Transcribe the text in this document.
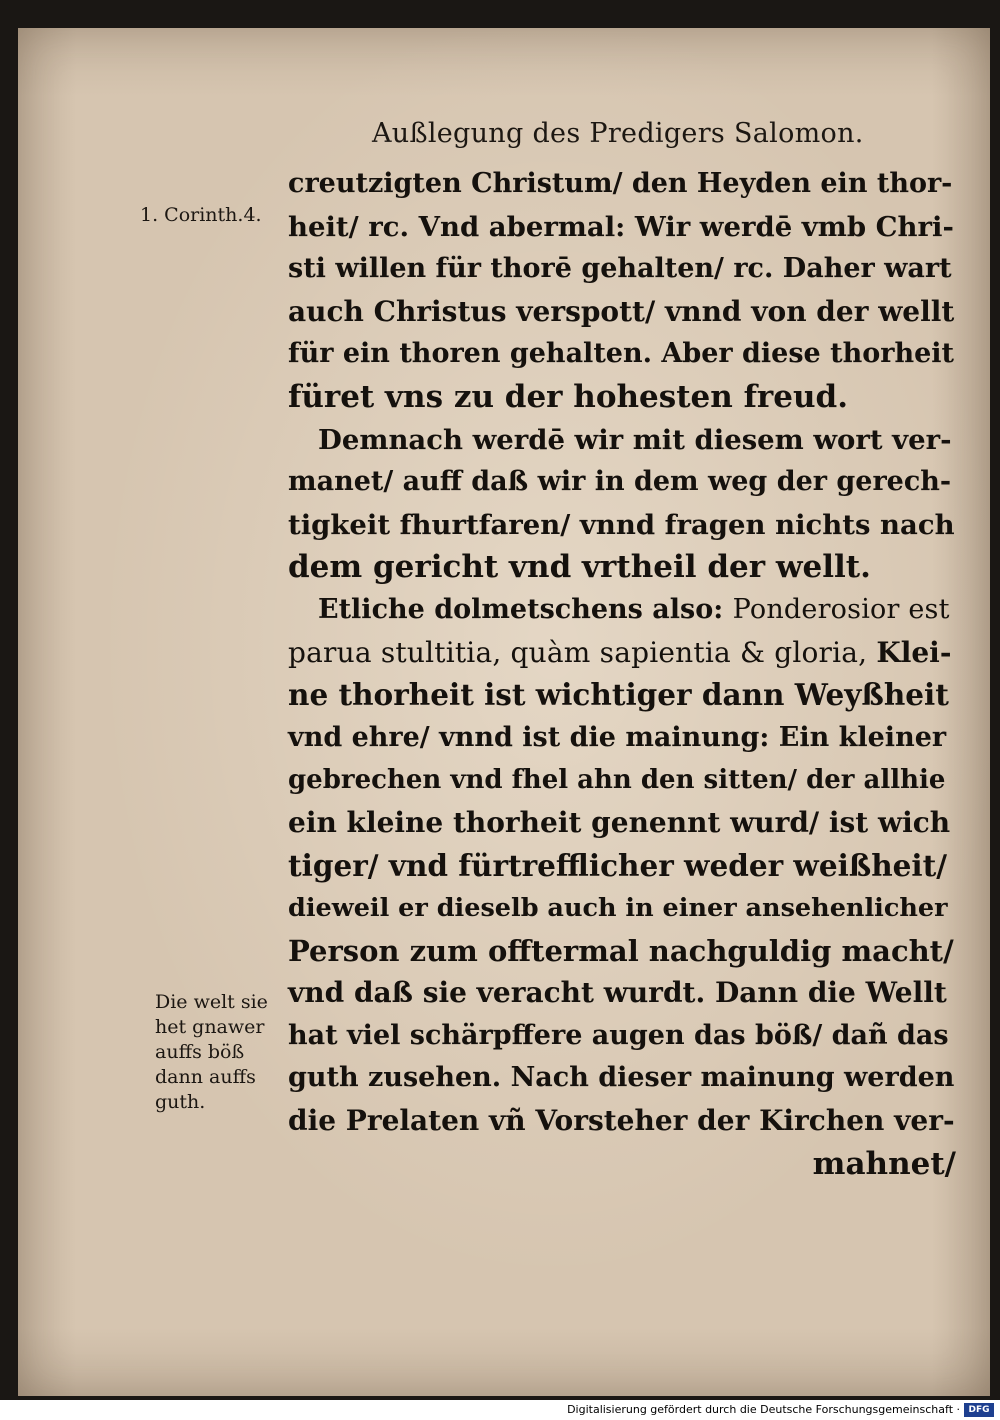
Außlegung des Predigers Salomon.
1. Corinth.4.
Die welt sie
het gnawer
auffs böß
dann auffs
guth.
creutzigten Christum/ den Heyden ein thor-
heit/ rc. Vnd abermal: Wir werdē vmb Chri-
sti willen für thorē gehalten/ rc. Daher wart
auch Christus verspott/ vnnd von der wellt
für ein thoren gehalten. Aber diese thorheit
füret vns zu der hohesten freud.
Demnach werdē wir mit diesem wort ver-
manet/ auff daß wir in dem weg der gerech-
tigkeit fhurtfaren/ vnnd fragen nichts nach
dem gericht vnd vrtheil der wellt.
Etliche dolmetschens also: Ponderosior est
parua stultitia, quàm sapientia & gloria, Klei-
ne thorheit ist wichtiger dann Weyßheit
vnd ehre/ vnnd ist die mainung: Ein kleiner
gebrechen vnd fhel ahn den sitten/ der allhie
ein kleine thorheit genennt wurd/ ist wich
tiger/ vnd fürtrefflicher weder weißheit/
dieweil er dieselb auch in einer ansehenlicher
Person zum offtermal nachguldig macht/
vnd daß sie veracht wurdt. Dann die Wellt
hat viel schärpffere augen das böß/ dañ das
guth zusehen. Nach dieser mainung werden
die Prelaten vñ Vorsteher der Kirchen ver-
mahnet/
Digitalisierung gefördert durch die Deutsche Forschungsgemeinschaft · DFG
